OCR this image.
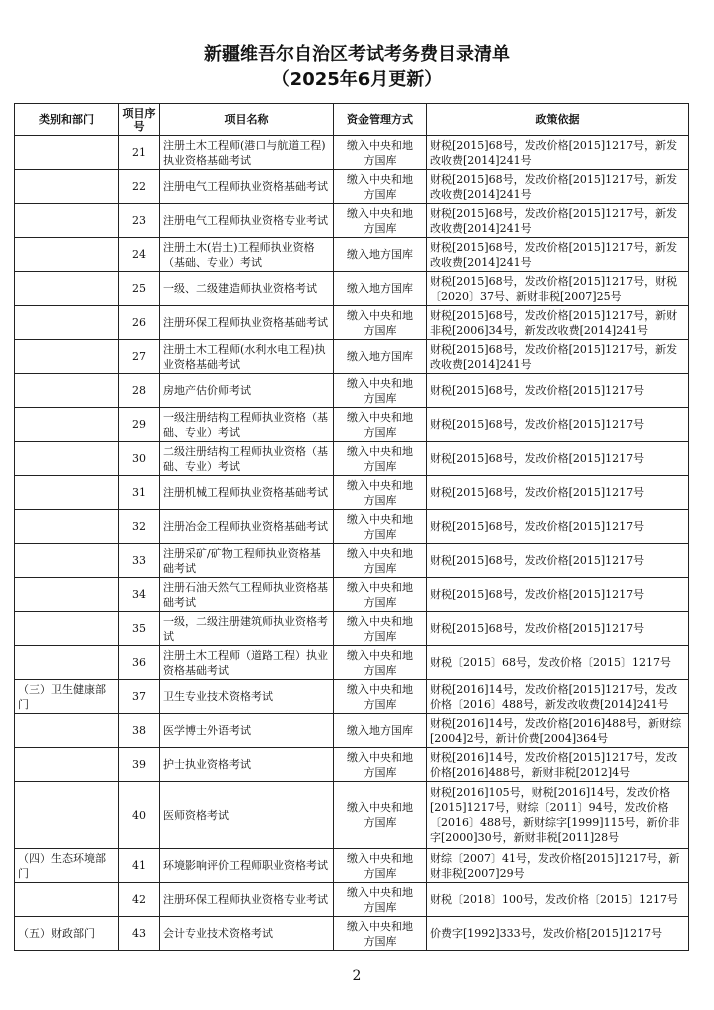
新疆维吾尔自治区考试考务费目录清单
（2025年6月更新）
类别和部门	项目序号	项目名称	资金管理方式	政策依据
	21	注册土木工程师(港口与航道工程)执业资格基础考试	缴入中央和地方国库	财税[2015]68号，发改价格[2015]1217号，新发改收费[2014]241号
	22	注册电气工程师执业资格基础考试	缴入中央和地方国库	财税[2015]68号，发改价格[2015]1217号，新发改收费[2014]241号
	23	注册电气工程师执业资格专业考试	缴入中央和地方国库	财税[2015]68号，发改价格[2015]1217号，新发改收费[2014]241号
	24	注册土木(岩土)工程师执业资格（基础、专业）考试	缴入地方国库	财税[2015]68号，发改价格[2015]1217号，新发改收费[2014]241号
	25	一级、二级建造师执业资格考试	缴入地方国库	财税[2015]68号，发改价格[2015]1217号，财税〔2020〕37号、新财非税[2007]25号
	26	注册环保工程师执业资格基础考试	缴入中央和地方国库	财税[2015]68号，发改价格[2015]1217号，新财非税[2006]34号，新发改收费[2014]241号
	27	注册土木工程师(水利水电工程)执业资格基础考试	缴入地方国库	财税[2015]68号，发改价格[2015]1217号，新发改收费[2014]241号
	28	房地产估价师考试	缴入中央和地方国库	财税[2015]68号，发改价格[2015]1217号
	29	一级注册结构工程师执业资格（基础、专业）考试	缴入中央和地方国库	财税[2015]68号，发改价格[2015]1217号
	30	二级注册结构工程师执业资格（基础、专业）考试	缴入中央和地方国库	财税[2015]68号，发改价格[2015]1217号
	31	注册机械工程师执业资格基础考试	缴入中央和地方国库	财税[2015]68号，发改价格[2015]1217号
	32	注册冶金工程师执业资格基础考试	缴入中央和地方国库	财税[2015]68号，发改价格[2015]1217号
	33	注册采矿/矿物工程师执业资格基础考试	缴入中央和地方国库	财税[2015]68号，发改价格[2015]1217号
	34	注册石油天然气工程师执业资格基础考试	缴入中央和地方国库	财税[2015]68号，发改价格[2015]1217号
	35	一级，二级注册建筑师执业资格考试	缴入中央和地方国库	财税[2015]68号，发改价格[2015]1217号
	36	注册土木工程师（道路工程）执业资格基础考试	缴入中央和地方国库	财税〔2015〕68号，发改价格〔2015〕1217号
（三）卫生健康部门	37	卫生专业技术资格考试	缴入中央和地方国库	财税[2016]14号，发改价格[2015]1217号，发改价格〔2016〕488号，新发改收费[2014]241号
	38	医学博士外语考试	缴入地方国库	财税[2016]14号，发改价格[2016]488号，新财综[2004]2号，新计价费[2004]364号
	39	护士执业资格考试	缴入中央和地方国库	财税[2016]14号，发改价格[2015]1217号，发改价格[2016]488号，新财非税[2012]4号
	40	医师资格考试	缴入中央和地方国库	财税[2016]105号，财税[2016]14号，发改价格[2015]1217号，财综〔2011〕94号，发改价格〔2016〕488号，新财综字[1999]115号，新价非字[2000]30号，新财非税[2011]28号
（四）生态环境部门	41	环境影响评价工程师职业资格考试	缴入中央和地方国库	财综〔2007〕41号，发改价格[2015]1217号，新财非税[2007]29号
	42	注册环保工程师执业资格专业考试	缴入中央和地方国库	财税〔2018〕100号，发改价格〔2015〕1217号
（五）财政部门	43	会计专业技术资格考试	缴入中央和地方国库	价费字[1992]333号，发改价格[2015]1217号
2
